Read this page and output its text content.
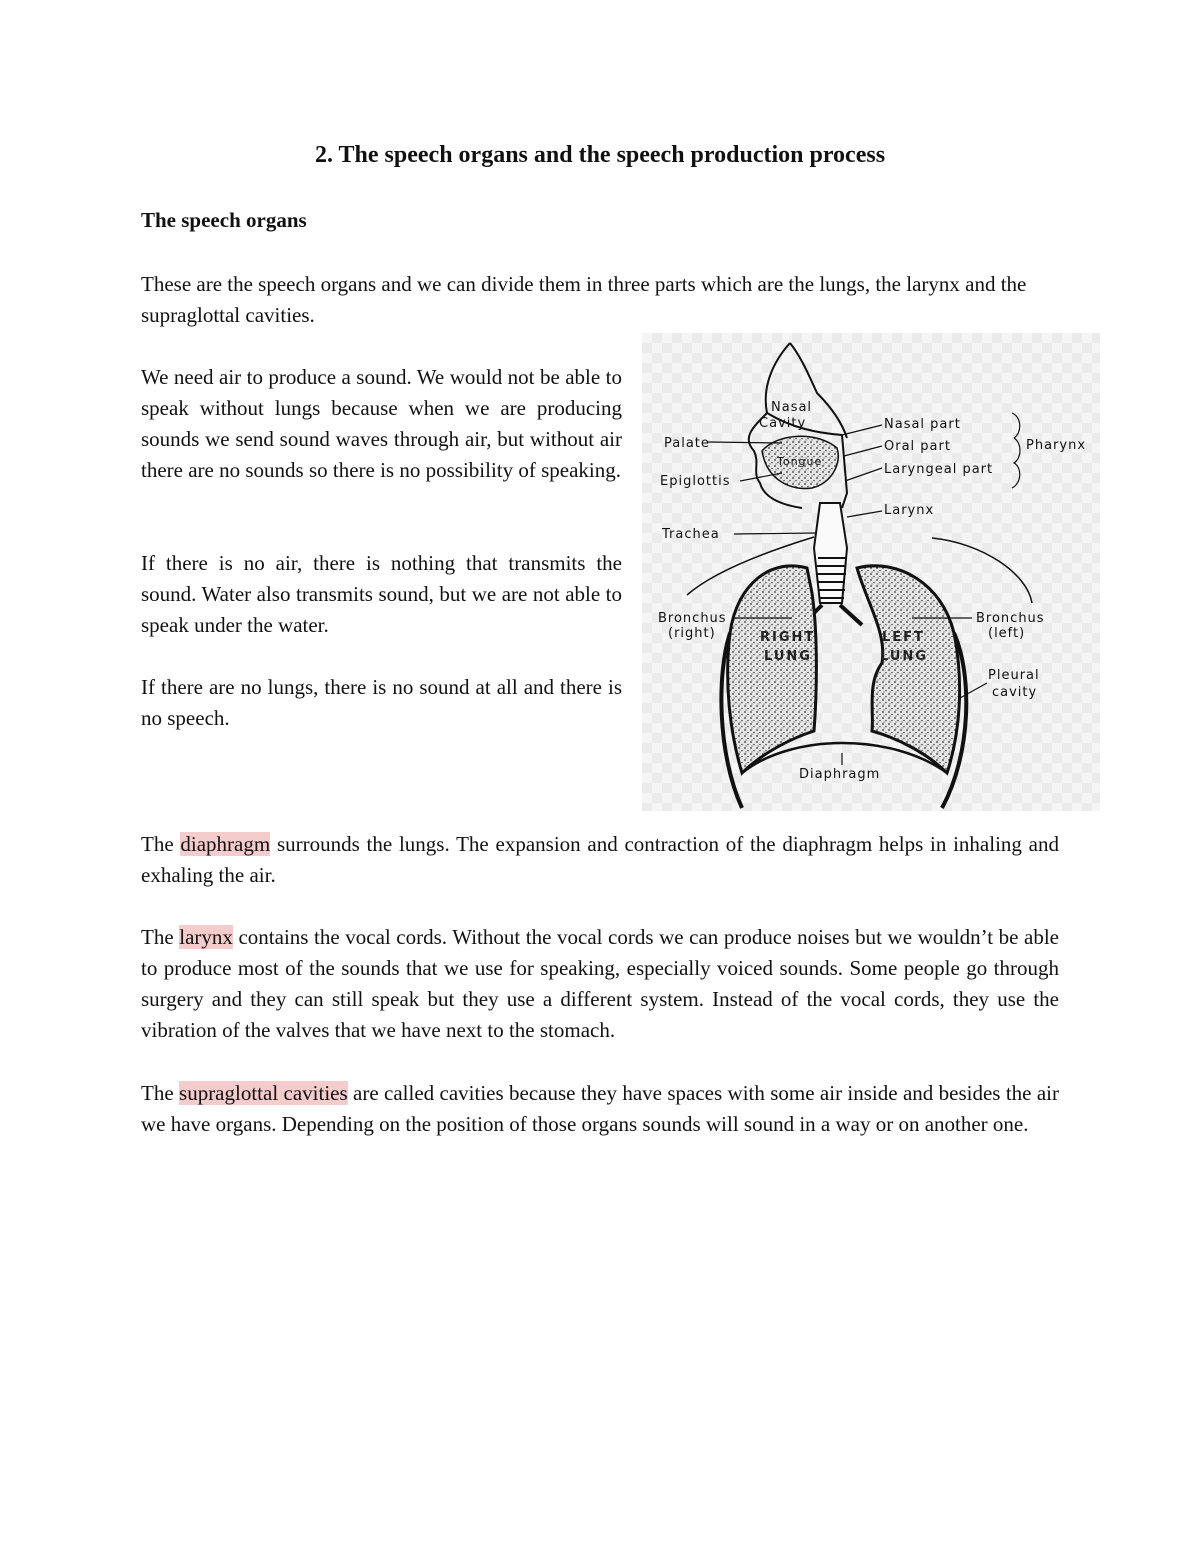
2. The speech organs and the speech production process
The speech organs

These are the speech organs and we can divide them in three parts which are the lungs, the larynx and the supraglottal cavities.

We need air to produce a sound. We would not be able to speak without lungs because when we are producing sounds we send sound waves through air, but without air there are no sounds so there is no possibility of speaking.

If there is no air, there is nothing that transmits the sound. Water also transmits sound, but we are not able to speak under the water.

If there are no lungs, there is no sound at all and there is no speech.

Nasal
Cavity
Tongue
Palate
Epiglottis
Trachea
Nasal part
Oral part
Laryngeal part
Pharynx
Larynx
Bronchus
(right)
Bronchus
(left)
RIGHT
LUNG
LEFT
LUNG
Pleural
cavity
Diaphragm

The diaphragm surrounds the lungs. The expansion and contraction of the diaphragm helps in inhaling and exhaling the air.

The larynx contains the vocal cords. Without the vocal cords we can produce noises but we wouldn’t be able to produce most of the sounds that we use for speaking, especially voiced sounds. Some people go through surgery and they can still speak but they use a different system. Instead of the vocal cords, they use the vibration of the valves that we have next to the stomach.

The supraglottal cavities are called cavities because they have spaces with some air inside and besides the air we have organs. Depending on the position of those organs sounds will sound in a way or on another one.
